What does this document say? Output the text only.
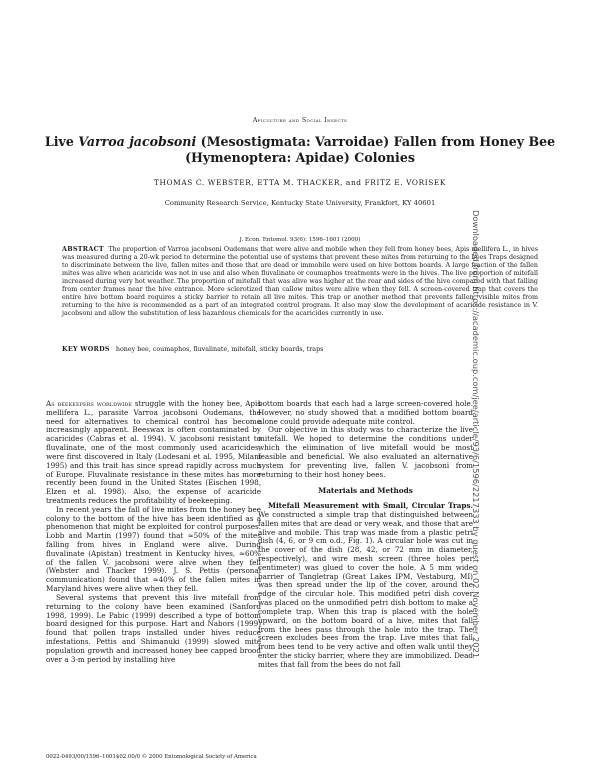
Apiculture and Social Insects
Live Varroa jacobsoni (Mesostigmata: Varroidae) Fallen from Honey Bee (Hymenoptera: Apidae) Colonies
THOMAS C. WEBSTER, ETTA M. THACKER, and FRITZ E. VORISEK
Community Research Service, Kentucky State University, Frankfort, KY 40601
J. Econ. Entomol. 93(6): 1596–1601 (2000)
ABSTRACT The proportion of Varroa jacobsoni Oudemans that were alive and mobile when they fell from honey bees, Apis mellifera L., in hives was measured during a 20-wk period to determine the potential use of systems that prevent these mites from returning to the bees Traps designed to discriminate between the live, fallen mites and those that are dead or immobile were used on hive bottom boards. A large fraction of the fallen mites was alive when acaricide was not in use and also when fluvalinate or coumaphos treatments were in the hives. The live proportion of mitefall increased during very hot weather. The proportion of mitefall that was alive was higher at the rear and sides of the hive compared with that falling from center frames near the hive entrance. More sclerotized than callow mites were alive when they fell. A screen-covered trap that covers the entire hive bottom board requires a sticky barrier to retain all live mites. This trap or another method that prevents fallen, visible mites from returning to the hive is recommended as a part of an integrated control program. It also may slow the development of acaricide resistance in V. jacobsoni and allow the substitution of less hazardous chemicals for the acaricides currently in use.
KEY WORDS honey bee, coumaphos, fluvalinate, mitefall, sticky boards, traps

As beekeepers worldwide struggle with the honey bee, Apis mellifera L., parasite Varroa jacobsoni Oudemans, the need for alternatives to chemical control has become increasingly apparent. Beeswax is often contaminated by acaricides (Cabras et al. 1994). V. jacobsoni resistant to fluvalinate, one of the most commonly used acaricides, were first discovered in Italy (Lodesani et al. 1995, Milani 1995) and this trait has since spread rapidly across much of Europe. Fluvalinate resistance in these mites has more recently been found in the United States (Eischen 1998, Elzen et al. 1998). Also, the expense of acaricide treatments reduces the profitability of beekeeping.

In recent years the fall of live mites from the honey bee colony to the bottom of the hive has been identified as a phenomenon that might be exploited for control purposes. Lobb and Martin (1997) found that ≈50% of the mites falling from hives in England were alive. During fluvalinate (Apistan) treatment in Kentucky hives, ≈60% of the fallen V. jacobsoni were alive when they fell (Webster and Thacker 1999). J. S. Pettis (personal communication) found that ≈40% of the fallen mites in Maryland hives were alive when they fell.

Several systems that prevent this live mitefall from returning to the colony have been examined (Sanford 1998, 1999). Le Pabic (1999) described a type of bottom board designed for this purpose. Hart and Nabors (1999) found that pollen traps installed under hives reduce infestations. Pettis and Shimanuki (1999) slowed mite population growth and increased honey bee capped brood over a 3-m period by installing hive

bottom boards that each had a large screen-covered hole. However, no study showed that a modified bottom board alone could provide adequate mite control.

Our objective in this study was to characterize the live mitefall. We hoped to determine the conditions under which the elimination of live mitefall would be most feasible and beneficial. We also evaluated an alternative system for preventing live, fallen V. jacobsoni from returning to their host honey bees.

Materials and Methods

Mitefall Measurement with Small, Circular Traps. We constructed a simple trap that distinguished between fallen mites that are dead or very weak, and those that are alive and mobile. This trap was made from a plastic petri dish (4, 6, or 9 cm o.d., Fig. 1). A circular hole was cut in the cover of the dish (28, 42, or 72 mm in diameter, respectively), and wire mesh screen (three holes per centimeter) was glued to cover the hole. A 5 mm wide barrier of Tangletrap (Great Lakes IPM, Vestaburg, MI) was then spread under the lip of the cover, around the edge of the circular hole. This modified petri dish cover was placed on the unmodified petri dish bottom to make a complete trap. When this trap is placed with the hole upward, on the bottom board of a hive, mites that fall from the bees pass through the hole into the trap. The screen excludes bees from the trap. Live mites that fall from bees tend to be very active and often walk until they enter the sticky barrier, where they are immobilized. Dead mites that fall from the bees do not fall

0022-0493/00/1596–1601$02.00/0 © 2000 Entomological Society of America
Downloaded from https://academic.oup.com/jee/article/93/6/1596/2217333 by guest on 02 November 2021
